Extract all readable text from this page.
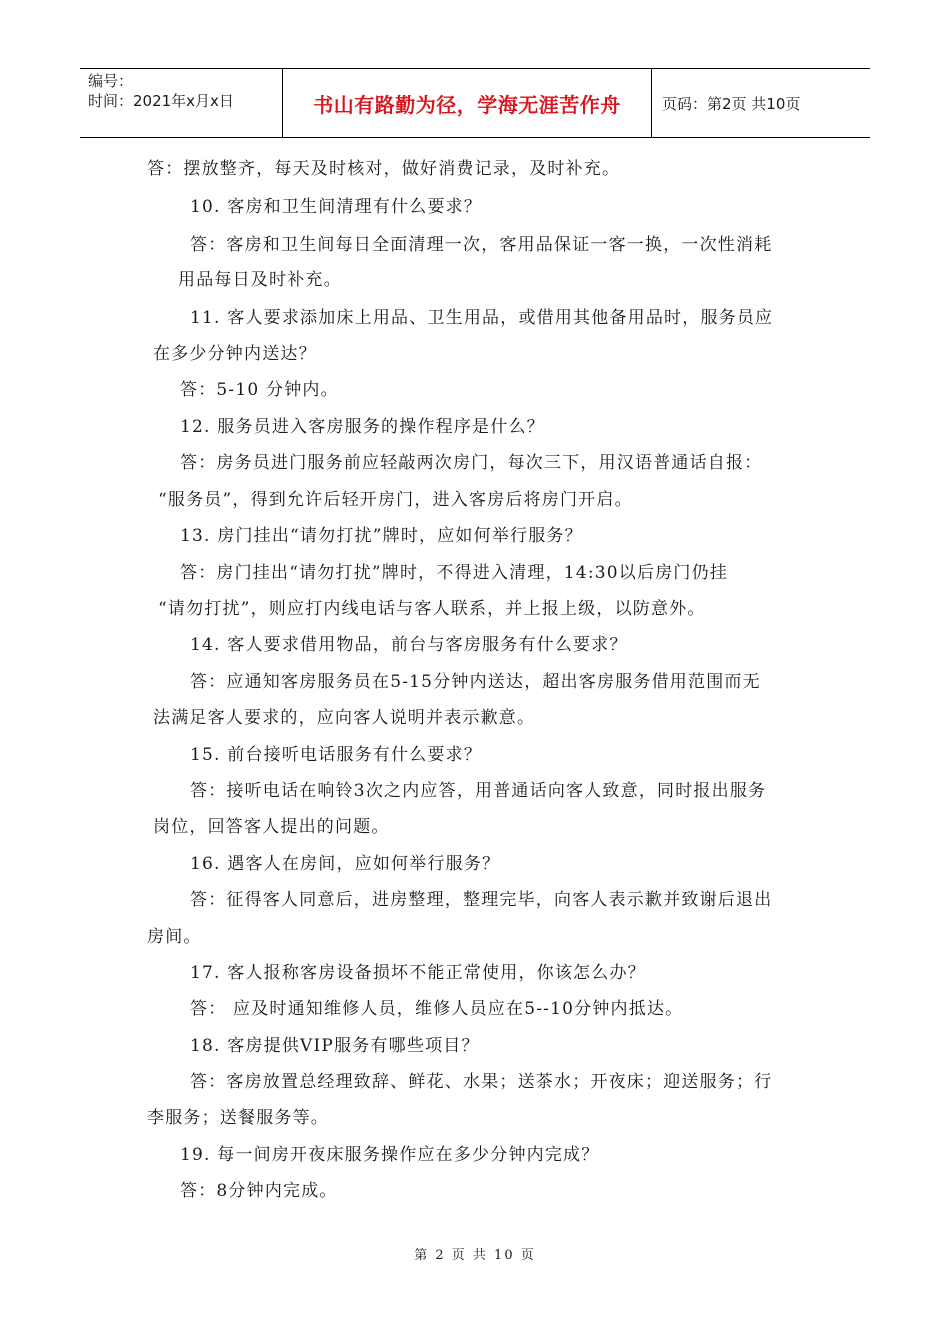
编号：
时间：2021年x月x日	书山有路勤为径，学海无涯苦作舟	页码：第2页 共10页
答：摆放整齐，每天及时核对，做好消费记录，及时补充。
10. 客房和卫生间清理有什么要求？
答：客房和卫生间每日全面清理一次，客用品保证一客一换，一次性消耗
用品每日及时补充。
11. 客人要求添加床上用品、卫生用品，或借用其他备用品时，服务员应
在多少分钟内送达？
答：5-10 分钟内。
12. 服务员进入客房服务的操作程序是什么？
答：房务员进门服务前应轻敲两次房门，每次三下，用汉语普通话自报：
“服务员”，得到允许后轻开房门，进入客房后将房门开启。
13. 房门挂出“请勿打扰”牌时，应如何举行服务？
答：房门挂出“请勿打扰”牌时，不得进入清理，14:30以后房门仍挂
“请勿打扰”，则应打内线电话与客人联系，并上报上级，以防意外。
14. 客人要求借用物品，前台与客房服务有什么要求？
答：应通知客房服务员在5-15分钟内送达，超出客房服务借用范围而无
法满足客人要求的，应向客人说明并表示歉意。
15. 前台接听电话服务有什么要求？
答：接听电话在响铃3次之内应答，用普通话向客人致意，同时报出服务
岗位，回答客人提出的问题。
16. 遇客人在房间，应如何举行服务？
答：征得客人同意后，进房整理，整理完毕，向客人表示歉并致谢后退出
房间。
17. 客人报称客房设备损坏不能正常使用，你该怎么办？
答： 应及时通知维修人员，维修人员应在5--10分钟内抵达。
18. 客房提供VIP服务有哪些项目？
答：客房放置总经理致辞、鲜花、水果；送茶水；开夜床；迎送服务；行
李服务；送餐服务等。
19. 每一间房开夜床服务操作应在多少分钟内完成？
答：8分钟内完成。
第 2 页 共 10 页
